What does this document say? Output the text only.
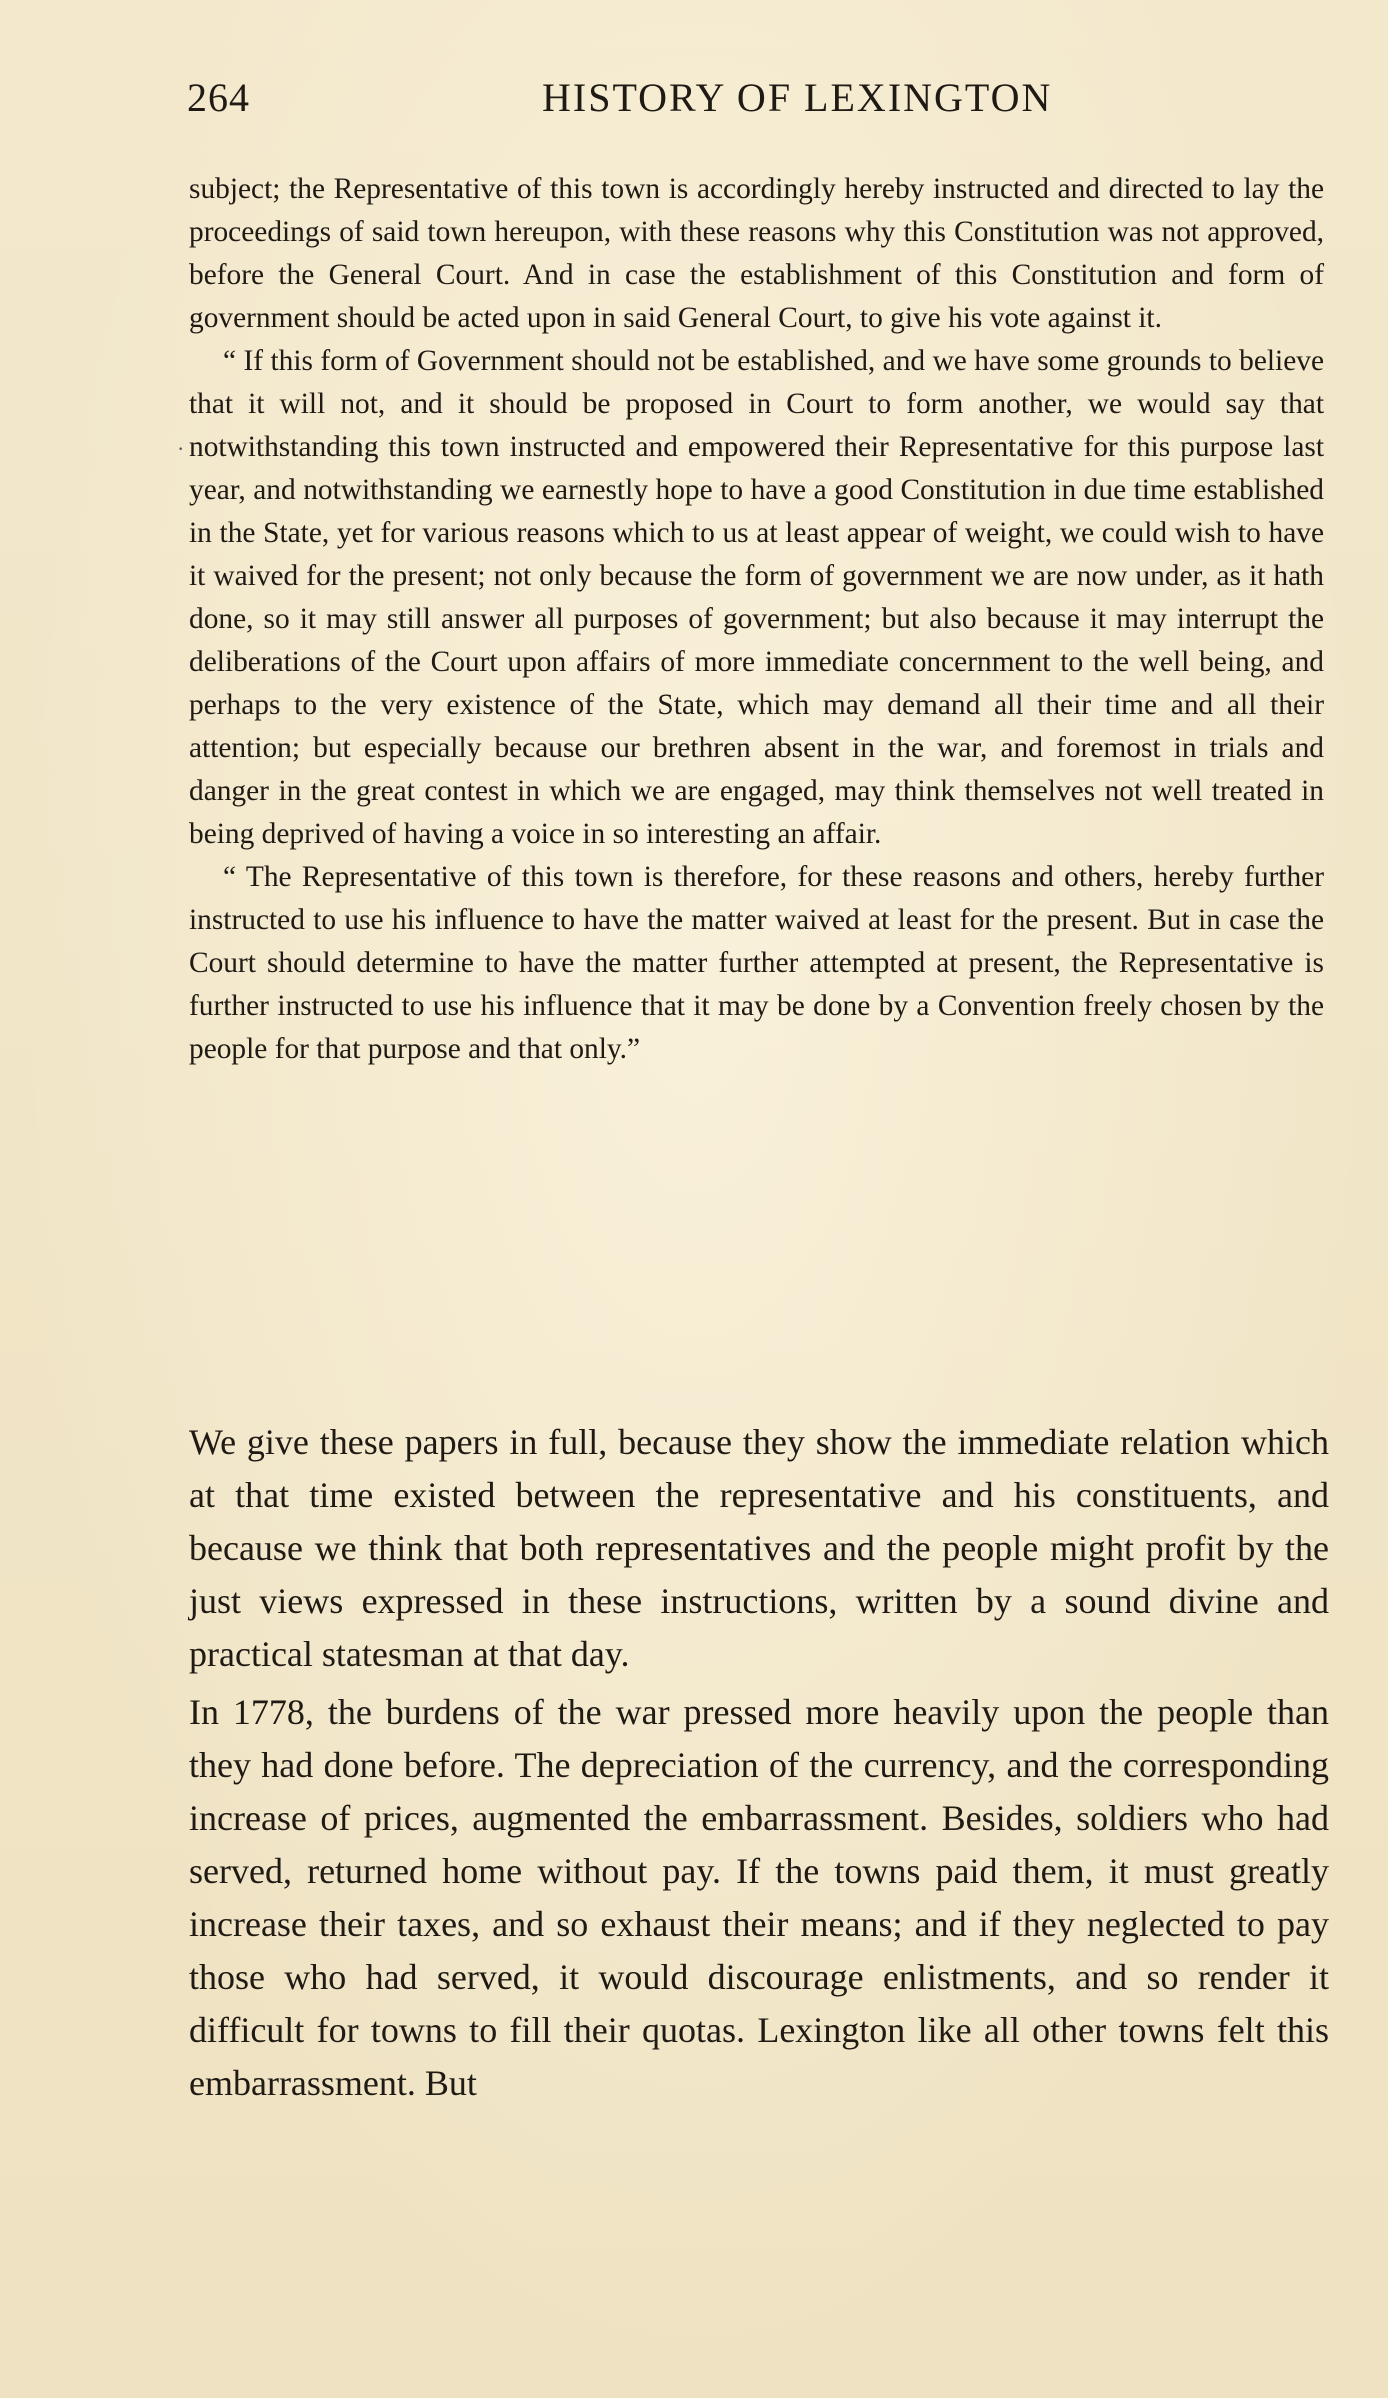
264	HISTORY OF LEXINGTON
·

subject; the Representative of this town is accordingly hereby instructed and directed to lay the proceedings of said town hereupon, with these reasons why this Constitution was not approved, before the General Court. And in case the establishment of this Constitution and form of government should be acted upon in said General Court, to give his vote against it.

“ If this form of Government should not be established, and we have some grounds to believe that it will not, and it should be proposed in Court to form another, we would say that notwithstanding this town instructed and empowered their Representative for this purpose last year, and notwithstanding we earnestly hope to have a good Constitution in due time established in the State, yet for various reasons which to us at least appear of weight, we could wish to have it waived for the present; not only because the form of government we are now under, as it hath done, so it may still answer all purposes of government; but also because it may interrupt the deliberations of the Court upon affairs of more immediate concernment to the well being, and perhaps to the very existence of the State, which may demand all their time and all their attention; but especially because our brethren absent in the war, and foremost in trials and danger in the great contest in which we are engaged, may think themselves not well treated in being deprived of having a voice in so interesting an affair.

“ The Representative of this town is therefore, for these reasons and others, hereby further instructed to use his influence to have the matter waived at least for the present. But in case the Court should determine to have the matter further attempted at present, the Representative is further instructed to use his influence that it may be done by a Convention freely chosen by the people for that purpose and that only.”

We give these papers in full, because they show the immediate relation which at that time existed between the representative and his constituents, and because we think that both representatives and the people might profit by the just views expressed in these instructions, written by a sound divine and practical statesman at that day.

In 1778, the burdens of the war pressed more heavily upon the people than they had done before. The depreciation of the currency, and the corresponding increase of prices, augmented the embarrassment. Besides, soldiers who had served, returned home without pay. If the towns paid them, it must greatly increase their taxes, and so exhaust their means; and if they neglected to pay those who had served, it would discourage enlistments, and so render it difficult for towns to fill their quotas. Lexington like all other towns felt this embarrassment. But
